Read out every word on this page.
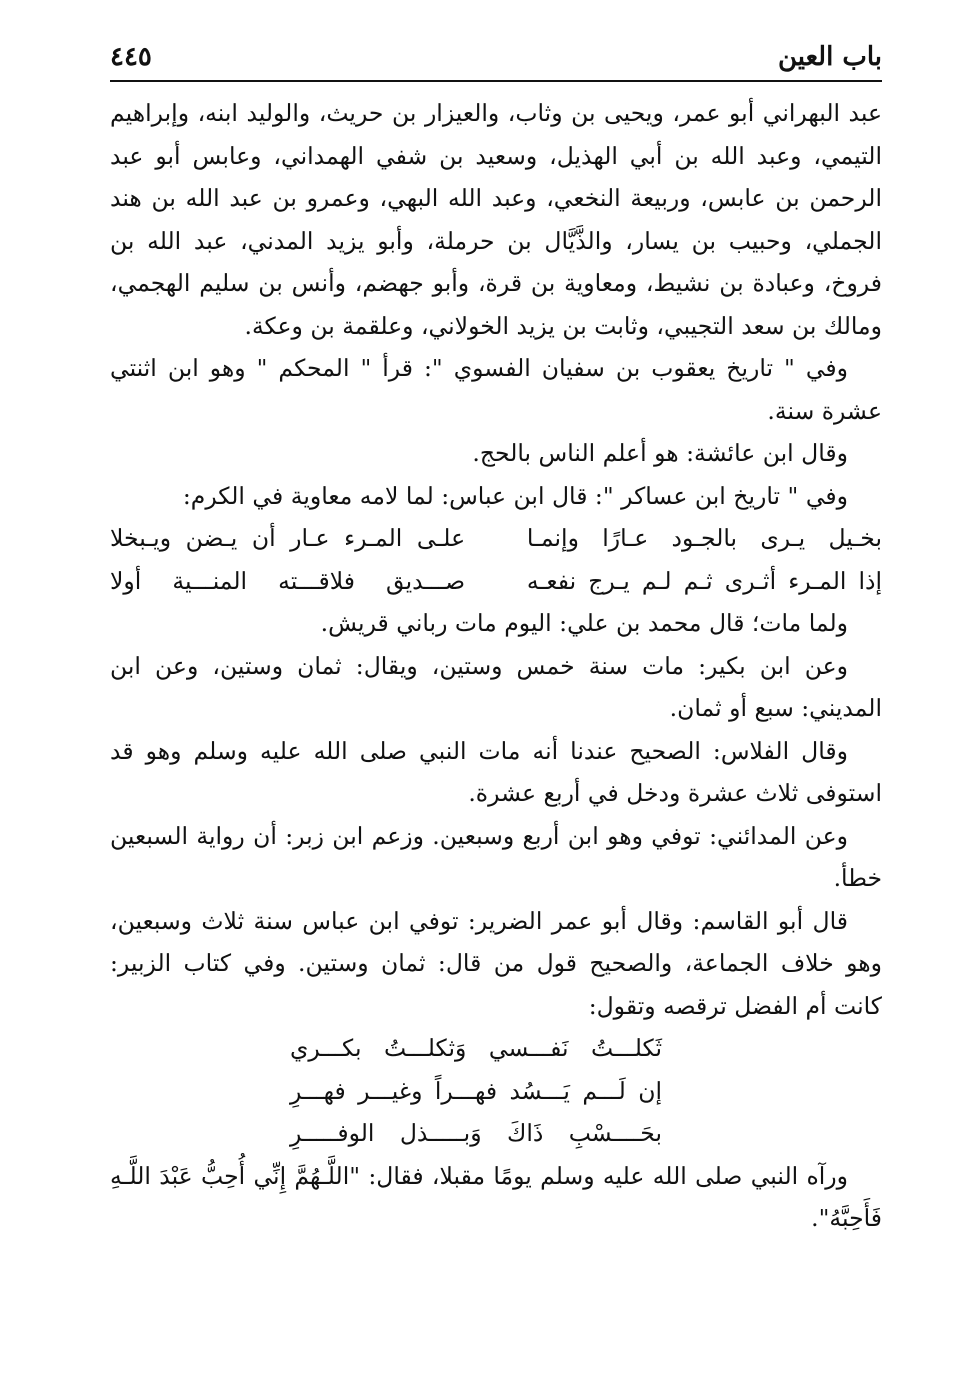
باب العين
٤٤٥

عبد البهراني أبو عمر، ويحيى بن وثاب، والعيزار بن حريث، والوليد ابنه، وإبراهيم التيمي، وعبد الله بن أبي الهذيل، وسعيد بن شفي الهمداني، وعابس أبو عبد الرحمن بن عابس، وربيعة النخعي، وعبد الله البهي، وعمرو بن عبد الله بن هند الجملي، وحبيب بن يسار، والذَّيَّال بن حرملة، وأبو يزيد المدني، عبد الله بن فروخ، وعبادة بن نشيط، ومعاوية بن قرة، وأبو جهضم، وأنس بن سليم الهجمي، ومالك بن سعد التجيبي، وثابت بن يزيد الخولاني، وعلقمة بن وعكة.

وفي " تاريخ يعقوب بن سفيان الفسوي ": قرأ " المحكم " وهو ابن اثنتي عشرة سنة.

وقال ابن عائشة: هو أعلم الناس بالحج.

وفي " تاريخ ابن عساكر ": قال ابن عباس: لما لامه معاوية في الكرم:

بخـيل يـرى بالجـود عـارًا وإنمـا
علـى المـرء عـار أن يـضن ويـبخلا
إذا المـرء أثـرى ثـم لـم يـرج نفعـه
صـــديق فلاقـــته المنـــية أولا

ولما مات؛ قال محمد بن علي: اليوم مات رباني قريش.

وعن ابن بكير: مات سنة خمس وستين، ويقال: ثمان وستين، وعن ابن المديني: سبع أو ثمان.

وقال الفلاس: الصحيح عندنا أنه مات النبي صلى الله عليه وسلم وهو قد استوفى ثلاث عشرة ودخل في أربع عشرة.

وعن المدائني: توفي وهو ابن أربع وسبعين. وزعم ابن زبر: أن رواية السبعين خطأ.

قال أبو القاسم: وقال أبو عمر الضرير: توفي ابن عباس سنة ثلاث وسبعين، وهو خلاف الجماعة، والصحيح قول من قال: ثمان وستين. وفي كتاب الزبير: كانت أم الفضل ترقصه وتقول:

ثَكلـــتُ نَفـــسي وَثكلـــتُ بكـــري
إن لَـــم يَـــسُد فهـــراً وغيـــر فهـــرِ
بحَــــسْبِ ذَاكَ وَبـــــذل الوفـــــرِ

ورآه النبي صلى الله عليه وسلم يومًا مقبلا، فقال: "اللَّـهُمَّ إِنِّي أُحِبُّ عَبْدَ اللَّـهِ فَأَحِبَّهُ".
